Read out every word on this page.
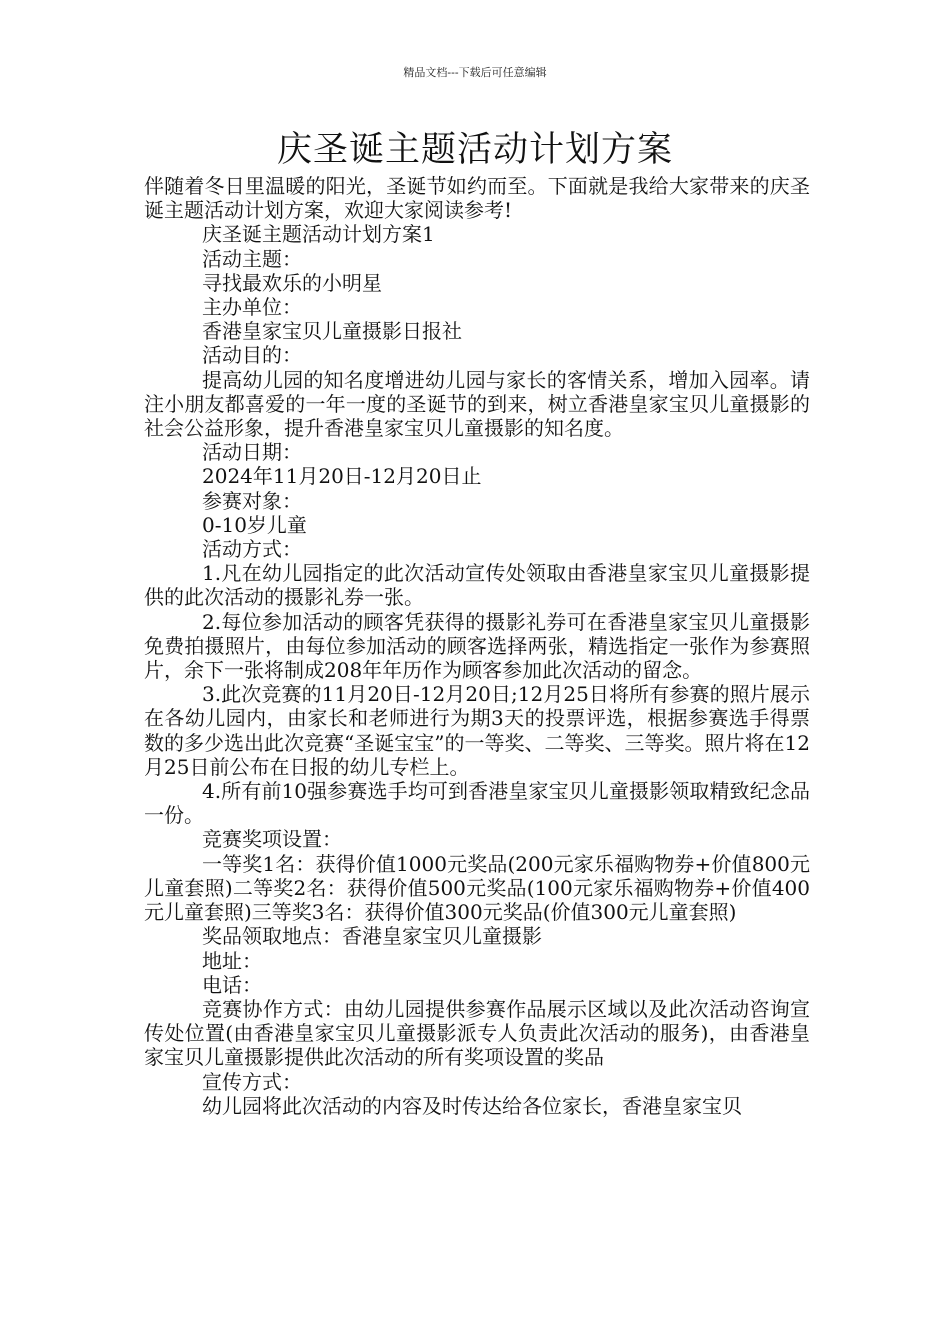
精品文档---下载后可任意编辑
庆圣诞主题活动计划方案

伴随着冬日里温暖的阳光，圣诞节如约而至。下面就是我给大家带来的庆圣诞主题活动计划方案，欢迎大家阅读参考!

庆圣诞主题活动计划方案1

活动主题：

寻找最欢乐的小明星

主办单位：

香港皇家宝贝儿童摄影日报社

活动目的：

提高幼儿园的知名度增进幼儿园与家长的客情关系，增加入园率。请注小朋友都喜爱的一年一度的圣诞节的到来，树立香港皇家宝贝儿童摄影的社会公益形象，提升香港皇家宝贝儿童摄影的知名度。

活动日期：

2024年11月20日-12月20日止

参赛对象：

0-10岁儿童

活动方式：

1.凡在幼儿园指定的此次活动宣传处领取由香港皇家宝贝儿童摄影提供的此次活动的摄影礼券一张。

2.每位参加活动的顾客凭获得的摄影礼券可在香港皇家宝贝儿童摄影免费拍摄照片，由每位参加活动的顾客选择两张，精选指定一张作为参赛照片，余下一张将制成208年年历作为顾客参加此次活动的留念。

3.此次竞赛的11月20日-12月20日;12月25日将所有参赛的照片展示在各幼儿园内，由家长和老师进行为期3天的投票评选，根据参赛选手得票数的多少选出此次竞赛“圣诞宝宝”的一等奖、二等奖、三等奖。照片将在12月25日前公布在日报的幼儿专栏上。

4.所有前10强参赛选手均可到香港皇家宝贝儿童摄影领取精致纪念品一份。

竞赛奖项设置：

一等奖1名：获得价值1000元奖品(200元家乐福购物券+价值800元儿童套照)二等奖2名：获得价值500元奖品(100元家乐福购物券+价值400元儿童套照)三等奖3名：获得价值300元奖品(价值300元儿童套照)

奖品领取地点：香港皇家宝贝儿童摄影

地址：

电话：

竞赛协作方式：由幼儿园提供参赛作品展示区域以及此次活动咨询宣传处位置(由香港皇家宝贝儿童摄影派专人负责此次活动的服务)，由香港皇家宝贝儿童摄影提供此次活动的所有奖项设置的奖品

宣传方式：

幼儿园将此次活动的内容及时传达给各位家长，香港皇家宝贝
